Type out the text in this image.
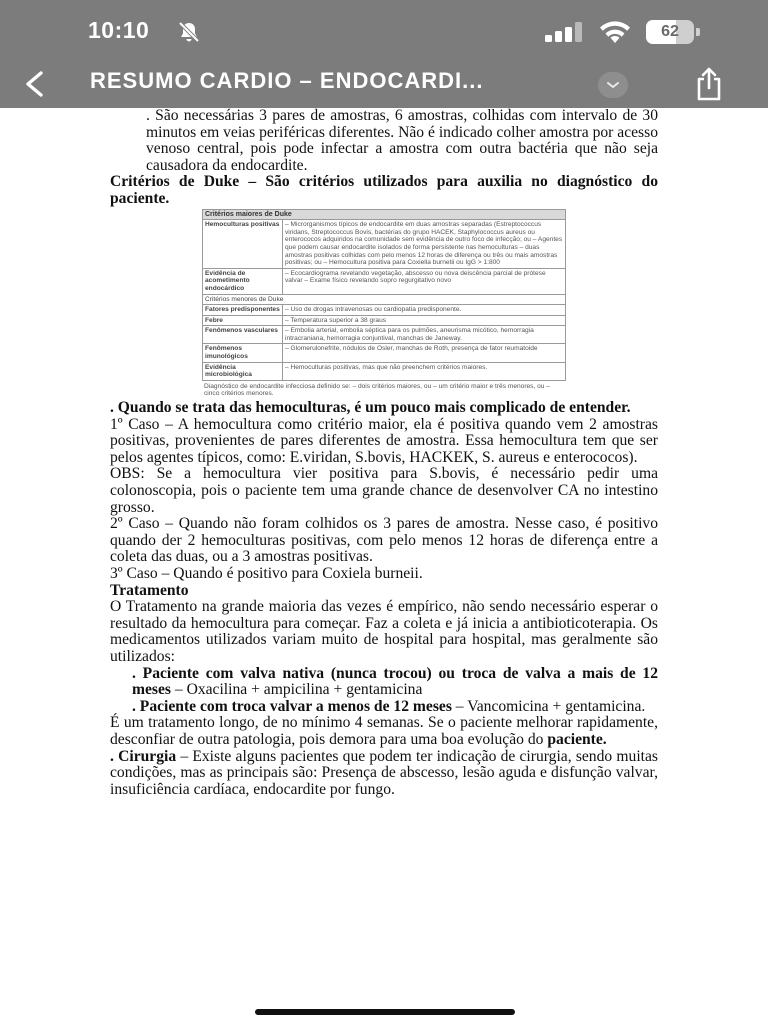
10:10	62
RESUMO CARDIO – ENDOCARDI...

. São necessárias 3 pares de amostras, 6 amostras, colhidas com intervalo de 30 minutos em veias periféricas diferentes. Não é indicado colher amostra por acesso venoso central, pois pode infectar a amostra com outra bactéria que não seja causadora da endocardite.

Critérios de Duke – São critérios utilizados para auxilia no diagnóstico do paciente.

Critérios maiores de Duke	
Hemoculturas positivas	– Microrganismos típicos de endocardite em duas amostras separadas (Estreptococcus viridans, Streptococcus Bovis, bactérias do grupo HACEK, Staphylococcus aureus ou enterococos adquiridos na comunidade sem evidência de outro foco de infecção; ou – Agentes que podem causar endocardite isolados de forma persistente nas hemoculturas – duas amostras positivas colhidas com pelo menos 12 horas de diferença ou três ou mais amostras positivas; ou – Hemocultura positiva para Coxiella burnetii ou IgG > 1:800
Evidência de acometimento endocárdico	– Ecocardiograma revelando vegetação, abscesso ou nova deiscência parcial de prótese valvar – Exame físico revelando sopro regurgitativo novo
Critérios menores de Duke	
Fatores predisponentes	– Uso de drogas intravenosas ou cardiopatia predisponente.
Febre	– Temperatura superior a 38 graus
Fenômenos vasculares	– Embolia arterial, embolia séptica para os pulmões, aneurisma micótico, hemorragia intracraniana, hemorragia conjuntival, manchas de Janeway.
Fenômenos imunológicos	– Glomerulonefrite, nódulos de Osler, manchas de Roth, presença de fator reumatoide
Evidência microbiológica	– Hemoculturas positivas, mas que não preenchem critérios maiores.
Diagnóstico de endocardite infecciosa definido se: – dois critérios maiores, ou – um critério maior e três menores, ou – cinco critérios menores.

. Quando se trata das hemoculturas, é um pouco mais complicado de entender.

1º Caso – A hemocultura como critério maior, ela é positiva quando vem 2 amostras positivas, provenientes de pares diferentes de amostra. Essa hemocultura tem que ser pelos agentes típicos, como: E.viridan, S.bovis, HACKEK, S. aureus e enterococos).

OBS: Se a hemocultura vier positiva para S.bovis, é necessário pedir uma colonoscopia, pois o paciente tem uma grande chance de desenvolver CA no intestino grosso.

2º Caso – Quando não foram colhidos os 3 pares de amostra. Nesse caso, é positivo quando der 2 hemoculturas positivas, com pelo menos 12 horas de diferença entre a coleta das duas, ou a 3 amostras positivas.

3º Caso – Quando é positivo para Coxiela burneii.

Tratamento

O Tratamento na grande maioria das vezes é empírico, não sendo necessário esperar o resultado da hemocultura para começar. Faz a coleta e já inicia a antibioticoterapia. Os medicamentos utilizados variam muito de hospital para hospital, mas geralmente são utilizados:

. Paciente com valva nativa (nunca trocou) ou troca de valva a mais de 12 meses – Oxacilina + ampicilina + gentamicina

. Paciente com troca valvar a menos de 12 meses – Vancomicina + gentamicina.

É um tratamento longo, de no mínimo 4 semanas. Se o paciente melhorar rapidamente, desconfiar de outra patologia, pois demora para uma boa evolução do paciente.

. Cirurgia – Existe alguns pacientes que podem ter indicação de cirurgia, sendo muitas condições, mas as principais são: Presença de abscesso, lesão aguda e disfunção valvar, insuficiência cardíaca, endocardite por fungo.
